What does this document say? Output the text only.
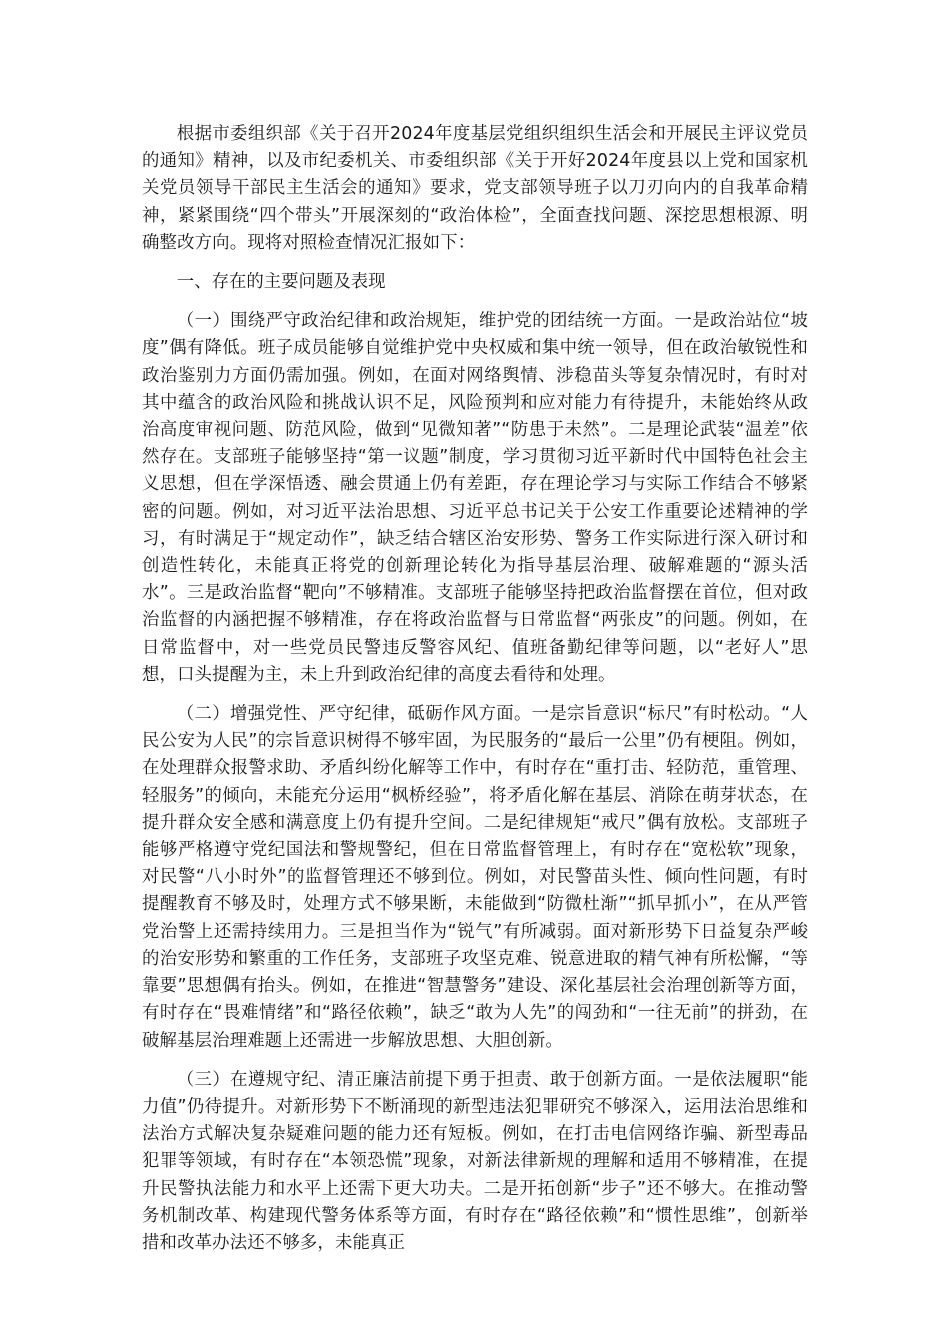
根据市委组织部《关于召开2024年度基层党组织组织生活会和开展民主评议党员的通知》精神，以及市纪委机关、市委组织部《关于开好2024年度县以上党和国家机关党员领导干部民主生活会的通知》要求，党支部领导班子以刀刃向内的自我革命精神，紧紧围绕“四个带头”开展深刻的“政治体检”，全面查找问题、深挖思想根源、明确整改方向。现将对照检查情况汇报如下：

一、存在的主要问题及表现

（一）围绕严守政治纪律和政治规矩，维护党的团结统一方面。一是政治站位“坡度”偶有降低。班子成员能够自觉维护党中央权威和集中统一领导，但在政治敏锐性和政治鉴别力方面仍需加强。例如，在面对网络舆情、涉稳苗头等复杂情况时，有时对其中蕴含的政治风险和挑战认识不足，风险预判和应对能力有待提升，未能始终从政治高度审视问题、防范风险，做到“见微知著”“防患于未然”。二是理论武装“温差”依然存在。支部班子能够坚持“第一议题”制度，学习贯彻习近平新时代中国特色社会主义思想，但在学深悟透、融会贯通上仍有差距，存在理论学习与实际工作结合不够紧密的问题。例如，对习近平法治思想、习近平总书记关于公安工作重要论述精神的学习，有时满足于“规定动作”，缺乏结合辖区治安形势、警务工作实际进行深入研讨和创造性转化，未能真正将党的创新理论转化为指导基层治理、破解难题的“源头活水”。三是政治监督“靶向”不够精准。支部班子能够坚持把政治监督摆在首位，但对政治监督的内涵把握不够精准，存在将政治监督与日常监督“两张皮”的问题。例如，在日常监督中，对一些党员民警违反警容风纪、值班备勤纪律等问题，以“老好人”思想，口头提醒为主，未上升到政治纪律的高度去看待和处理。

（二）增强党性、严守纪律，砥砺作风方面。一是宗旨意识“标尺”有时松动。“人民公安为人民”的宗旨意识树得不够牢固，为民服务的“最后一公里”仍有梗阻。例如，在处理群众报警求助、矛盾纠纷化解等工作中，有时存在“重打击、轻防范，重管理、轻服务”的倾向，未能充分运用“枫桥经验”，将矛盾化解在基层、消除在萌芽状态，在提升群众安全感和满意度上仍有提升空间。二是纪律规矩“戒尺”偶有放松。支部班子能够严格遵守党纪国法和警规警纪，但在日常监督管理上，有时存在“宽松软”现象，对民警“八小时外”的监督管理还不够到位。例如，对民警苗头性、倾向性问题，有时提醒教育不够及时，处理方式不够果断，未能做到“防微杜渐”“抓早抓小”，在从严管党治警上还需持续用力。三是担当作为“锐气”有所减弱。面对新形势下日益复杂严峻的治安形势和繁重的工作任务，支部班子攻坚克难、锐意进取的精气神有所松懈，“等靠要”思想偶有抬头。例如，在推进“智慧警务”建设、深化基层社会治理创新等方面，有时存在“畏难情绪”和“路径依赖”，缺乏“敢为人先”的闯劲和“一往无前”的拼劲，在破解基层治理难题上还需进一步解放思想、大胆创新。

（三）在遵规守纪、清正廉洁前提下勇于担责、敢于创新方面。一是依法履职“能力值”仍待提升。对新形势下不断涌现的新型违法犯罪研究不够深入，运用法治思维和法治方式解决复杂疑难问题的能力还有短板。例如，在打击电信网络诈骗、新型毒品犯罪等领域，有时存在“本领恐慌”现象，对新法律新规的理解和适用不够精准，在提升民警执法能力和水平上还需下更大功夫。二是开拓创新“步子”还不够大。在推动警务机制改革、构建现代警务体系等方面，有时存在“路径依赖”和“惯性思维”，创新举措和改革办法还不够多，未能真正
